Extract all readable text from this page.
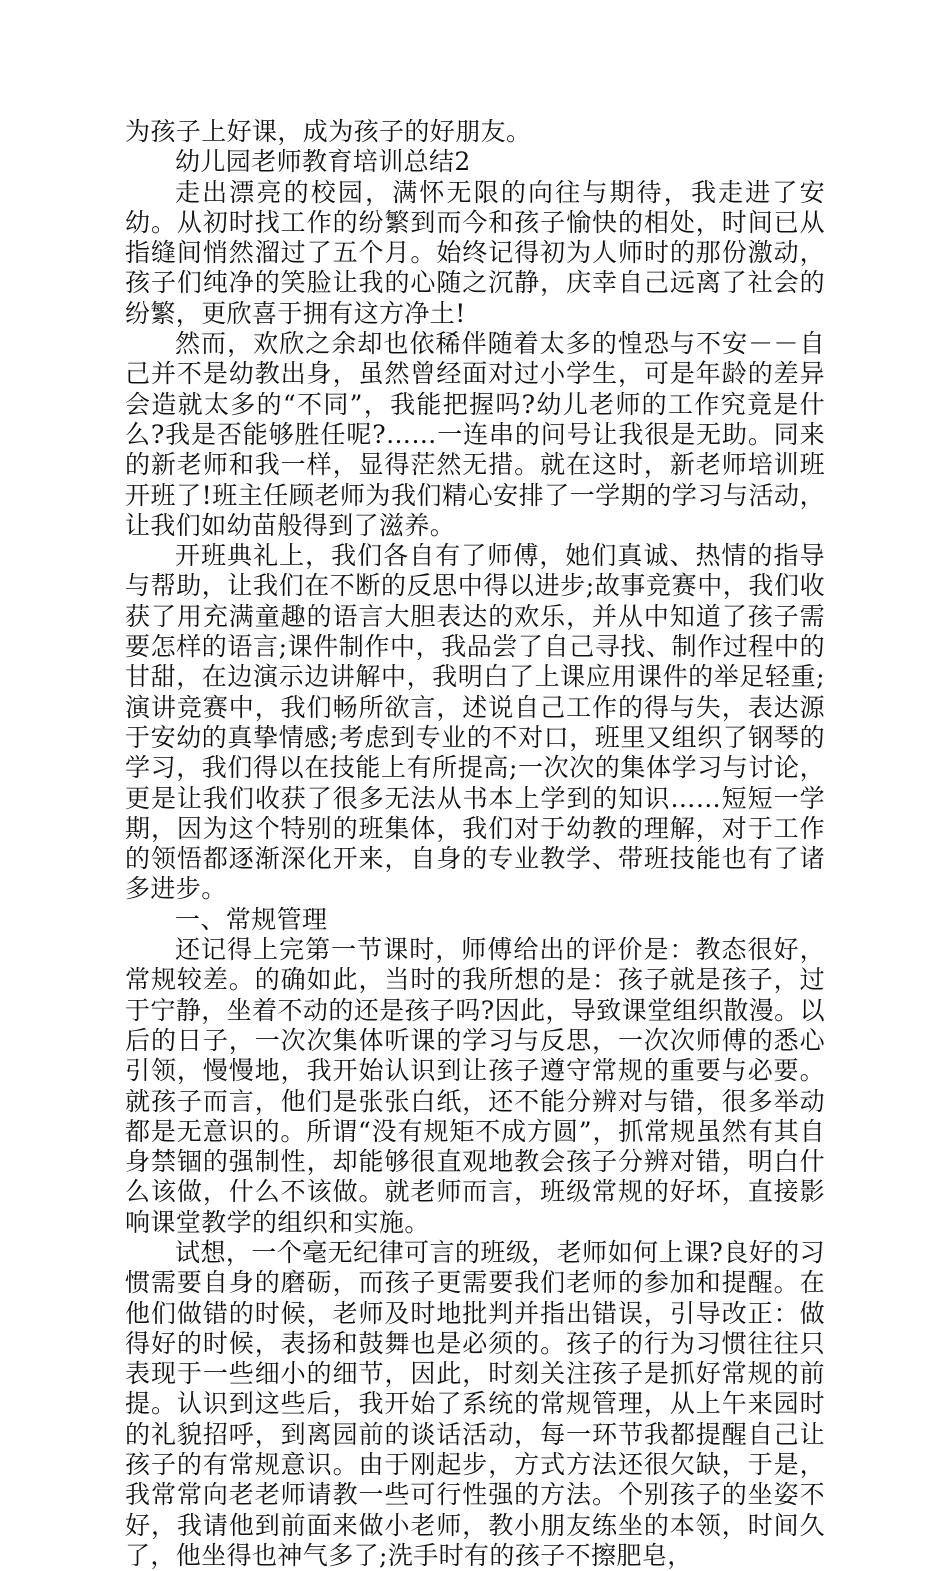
为孩子上好课，成为孩子的好朋友。

幼儿园老师教育培训总结2

走出漂亮的校园，满怀无限的向往与期待，我走进了安幼。从初时找工作的纷繁到而今和孩子愉快的相处，时间已从指缝间悄然溜过了五个月。始终记得初为人师时的那份激动，孩子们纯净的笑脸让我的心随之沉静，庆幸自己远离了社会的纷繁，更欣喜于拥有这方净土!

然而，欢欣之余却也依稀伴随着太多的惶恐与不安－－自己并不是幼教出身，虽然曾经面对过小学生，可是年龄的差异会造就太多的“不同”，我能把握吗?幼儿老师的工作究竟是什么?我是否能够胜任呢?……一连串的问号让我很是无助。同来的新老师和我一样，显得茫然无措。就在这时，新老师培训班开班了!班主任顾老师为我们精心安排了一学期的学习与活动，让我们如幼苗般得到了滋养。

开班典礼上，我们各自有了师傅，她们真诚、热情的指导与帮助，让我们在不断的反思中得以进步;故事竞赛中，我们收获了用充满童趣的语言大胆表达的欢乐，并从中知道了孩子需要怎样的语言;课件制作中，我品尝了自己寻找、制作过程中的甘甜，在边演示边讲解中，我明白了上课应用课件的举足轻重;演讲竞赛中，我们畅所欲言，述说自己工作的得与失，表达源于安幼的真挚情感;考虑到专业的不对口，班里又组织了钢琴的学习，我们得以在技能上有所提高;一次次的集体学习与讨论，更是让我们收获了很多无法从书本上学到的知识……短短一学期，因为这个特别的班集体，我们对于幼教的理解，对于工作的领悟都逐渐深化开来，自身的专业教学、带班技能也有了诸多进步。

一、常规管理

还记得上完第一节课时，师傅给出的评价是：教态很好，常规较差。的确如此，当时的我所想的是：孩子就是孩子，过于宁静，坐着不动的还是孩子吗?因此，导致课堂组织散漫。以后的日子，一次次集体听课的学习与反思，一次次师傅的悉心引领，慢慢地，我开始认识到让孩子遵守常规的重要与必要。就孩子而言，他们是张张白纸，还不能分辨对与错，很多举动都是无意识的。所谓“没有规矩不成方圆”，抓常规虽然有其自身禁锢的强制性，却能够很直观地教会孩子分辨对错，明白什么该做，什么不该做。就老师而言，班级常规的好坏，直接影响课堂教学的组织和实施。

试想，一个毫无纪律可言的班级，老师如何上课?良好的习惯需要自身的磨砺，而孩子更需要我们老师的参加和提醒。在他们做错的时候，老师及时地批判并指出错误，引导改正：做得好的时候，表扬和鼓舞也是必须的。孩子的行为习惯往往只表现于一些细小的细节，因此，时刻关注孩子是抓好常规的前提。认识到这些后，我开始了系统的常规管理，从上午来园时的礼貌招呼，到离园前的谈话活动，每一环节我都提醒自己让孩子的有常规意识。由于刚起步，方式方法还很欠缺，于是，我常常向老老师请教一些可行性强的方法。个别孩子的坐姿不好，我请他到前面来做小老师，教小朋友练坐的本领，时间久了，他坐得也神气多了;洗手时有的孩子不擦肥皂，
